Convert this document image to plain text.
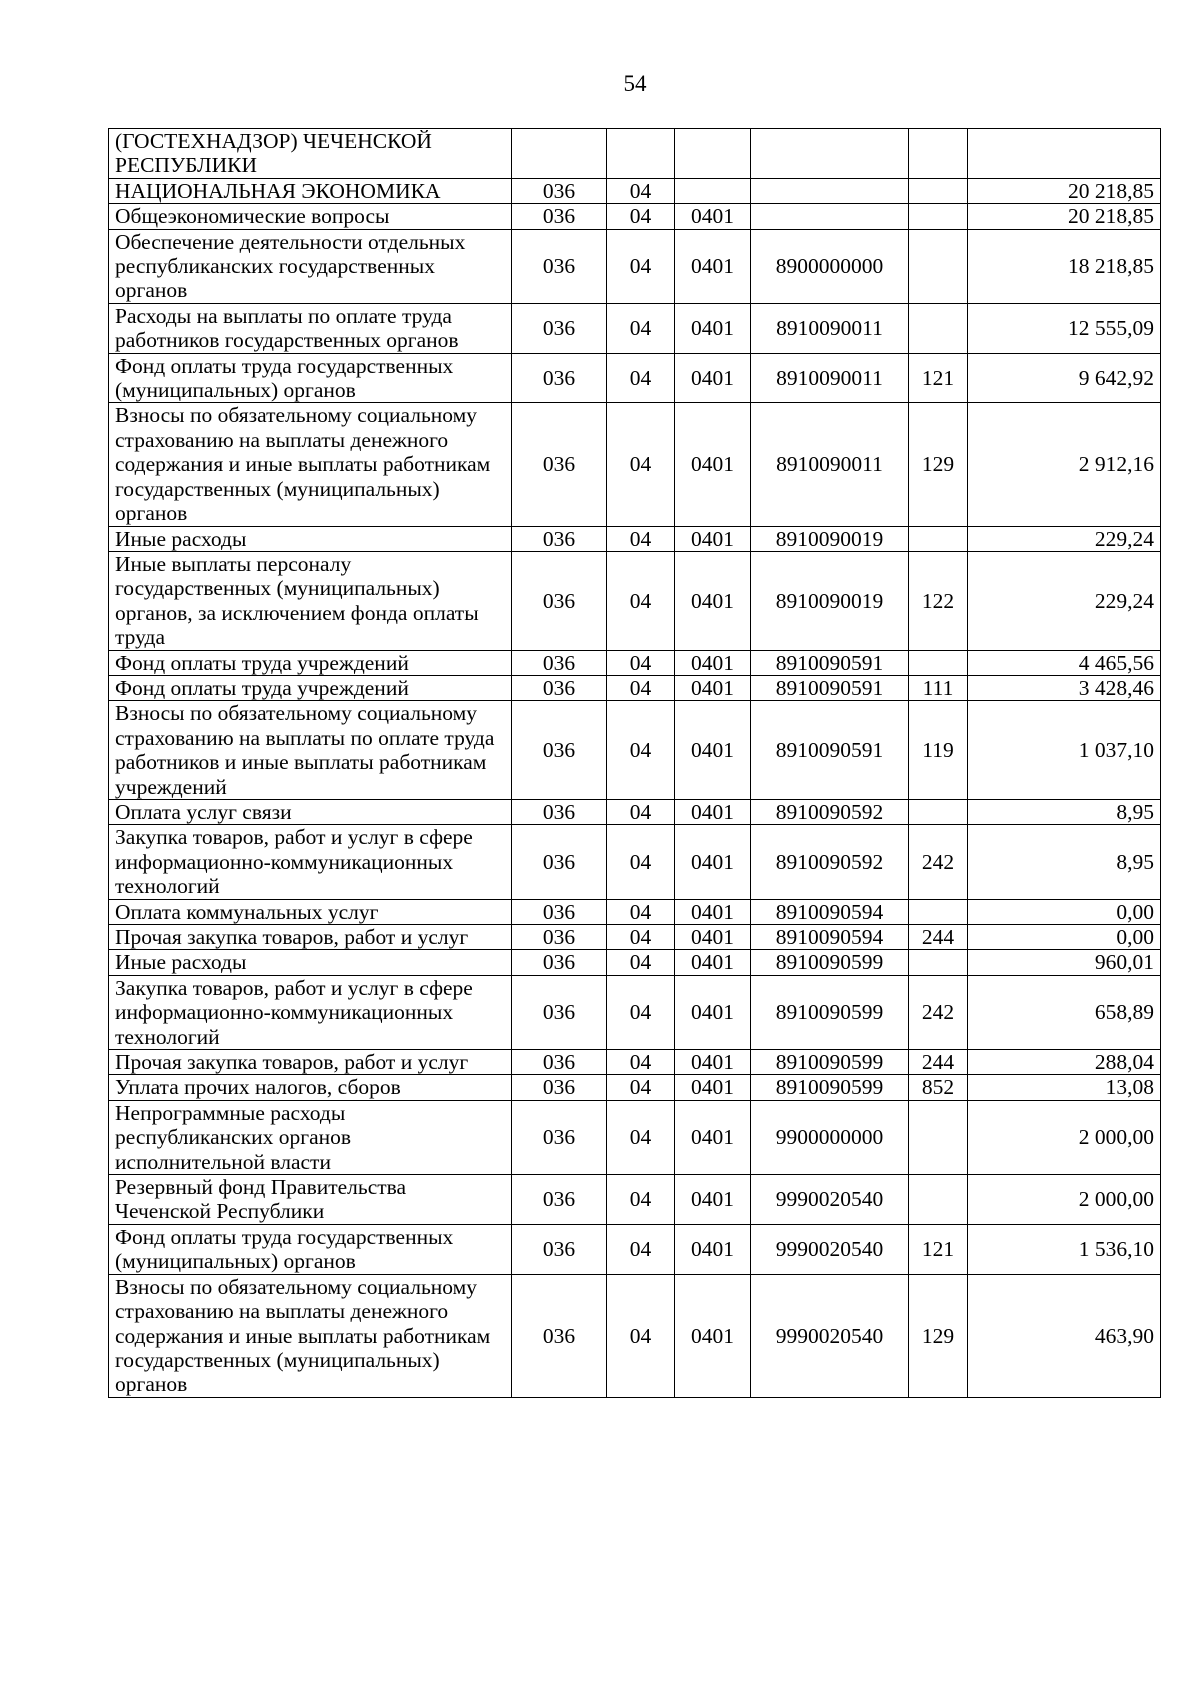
54
(ГОСТЕХНАДЗОР) ЧЕЧЕНСКОЙ РЕСПУБЛИКИ						
НАЦИОНАЛЬНАЯ ЭКОНОМИКА	036	04				20 218,85
Общеэкономические вопросы	036	04	0401			20 218,85
Обеспечение деятельности отдельных республиканских государственных органов	036	04	0401	8900000000		18 218,85
Расходы на выплаты по оплате труда работников государственных органов	036	04	0401	8910090011		12 555,09
Фонд оплаты труда государственных (муниципальных) органов	036	04	0401	8910090011	121	9 642,92
Взносы по обязательному социальному страхованию на выплаты денежного содержания и иные выплаты работникам государственных (муниципальных) органов	036	04	0401	8910090011	129	2 912,16
Иные расходы	036	04	0401	8910090019		229,24
Иные выплаты персоналу государственных (муниципальных) органов, за исключением фонда оплаты труда	036	04	0401	8910090019	122	229,24
Фонд оплаты труда учреждений	036	04	0401	8910090591		4 465,56
Фонд оплаты труда учреждений	036	04	0401	8910090591	111	3 428,46
Взносы по обязательному социальному страхованию на выплаты по оплате труда работников и иные выплаты работникам учреждений	036	04	0401	8910090591	119	1 037,10
Оплата услуг связи	036	04	0401	8910090592		8,95
Закупка товаров, работ и услуг в сфере информационно-коммуникационных технологий	036	04	0401	8910090592	242	8,95
Оплата коммунальных услуг	036	04	0401	8910090594		0,00
Прочая закупка товаров, работ и услуг	036	04	0401	8910090594	244	0,00
Иные расходы	036	04	0401	8910090599		960,01
Закупка товаров, работ и услуг в сфере информационно-коммуникационных технологий	036	04	0401	8910090599	242	658,89
Прочая закупка товаров, работ и услуг	036	04	0401	8910090599	244	288,04
Уплата прочих налогов, сборов	036	04	0401	8910090599	852	13,08
Непрограммные расходы республиканских органов исполнительной власти	036	04	0401	9900000000		2 000,00
Резервный фонд Правительства Чеченской Республики	036	04	0401	9990020540		2 000,00
Фонд оплаты труда государственных (муниципальных) органов	036	04	0401	9990020540	121	1 536,10
Взносы по обязательному социальному страхованию на выплаты денежного содержания и иные выплаты работникам государственных (муниципальных) органов	036	04	0401	9990020540	129	463,90
